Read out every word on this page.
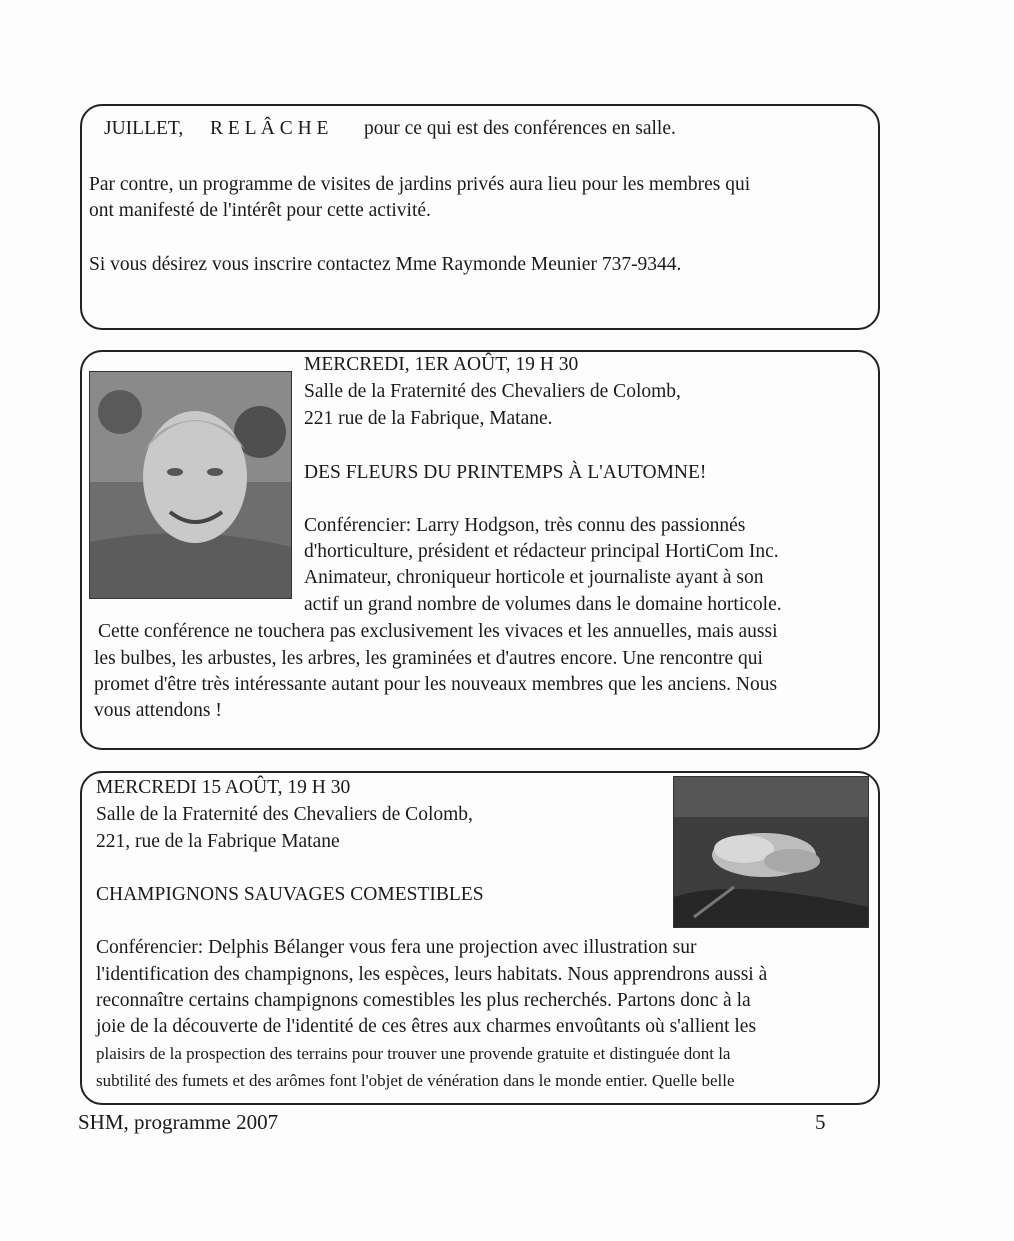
JUILLET, R E L Â C H E pour ce qui est des conférences en salle.

Par contre, un programme de visites de jardins privés aura lieu pour les membres qui

ont manifesté de l'intérêt pour cette activité.

Si vous désirez vous inscrire contactez Mme Raymonde Meunier 737-9344.

MERCREDI, 1ER AOÛT, 19 H 30

Salle de la Fraternité des Chevaliers de Colomb,

221 rue de la Fabrique, Matane.

DES FLEURS DU PRINTEMPS À L'AUTOMNE!

Conférencier: Larry Hodgson, très connu des passionnés

d'horticulture, président et rédacteur principal HortiCom Inc.

Animateur, chroniqueur horticole et journaliste ayant à son

actif un grand nombre de volumes dans le domaine horticole.

Cette conférence ne touchera pas exclusivement les vivaces et les annuelles, mais aussi

les bulbes, les arbustes, les arbres, les graminées et d'autres encore. Une rencontre qui

promet d'être très intéressante autant pour les nouveaux membres que les anciens. Nous

vous attendons !

MERCREDI 15 AOÛT, 19 H 30

Salle de la Fraternité des Chevaliers de Colomb,

221, rue de la Fabrique Matane

CHAMPIGNONS SAUVAGES COMESTIBLES

Conférencier: Delphis Bélanger vous fera une projection avec illustration sur

l'identification des champignons, les espèces, leurs habitats. Nous apprendrons aussi à

reconnaître certains champignons comestibles les plus recherchés. Partons donc à la

joie de la découverte de l'identité de ces êtres aux charmes envoûtants où s'allient les

plaisirs de la prospection des terrains pour trouver une provende gratuite et distinguée dont la

subtilité des fumets et des arômes font l'objet de vénération dans le monde entier. Quelle belle

SHM, programme 2007	5
